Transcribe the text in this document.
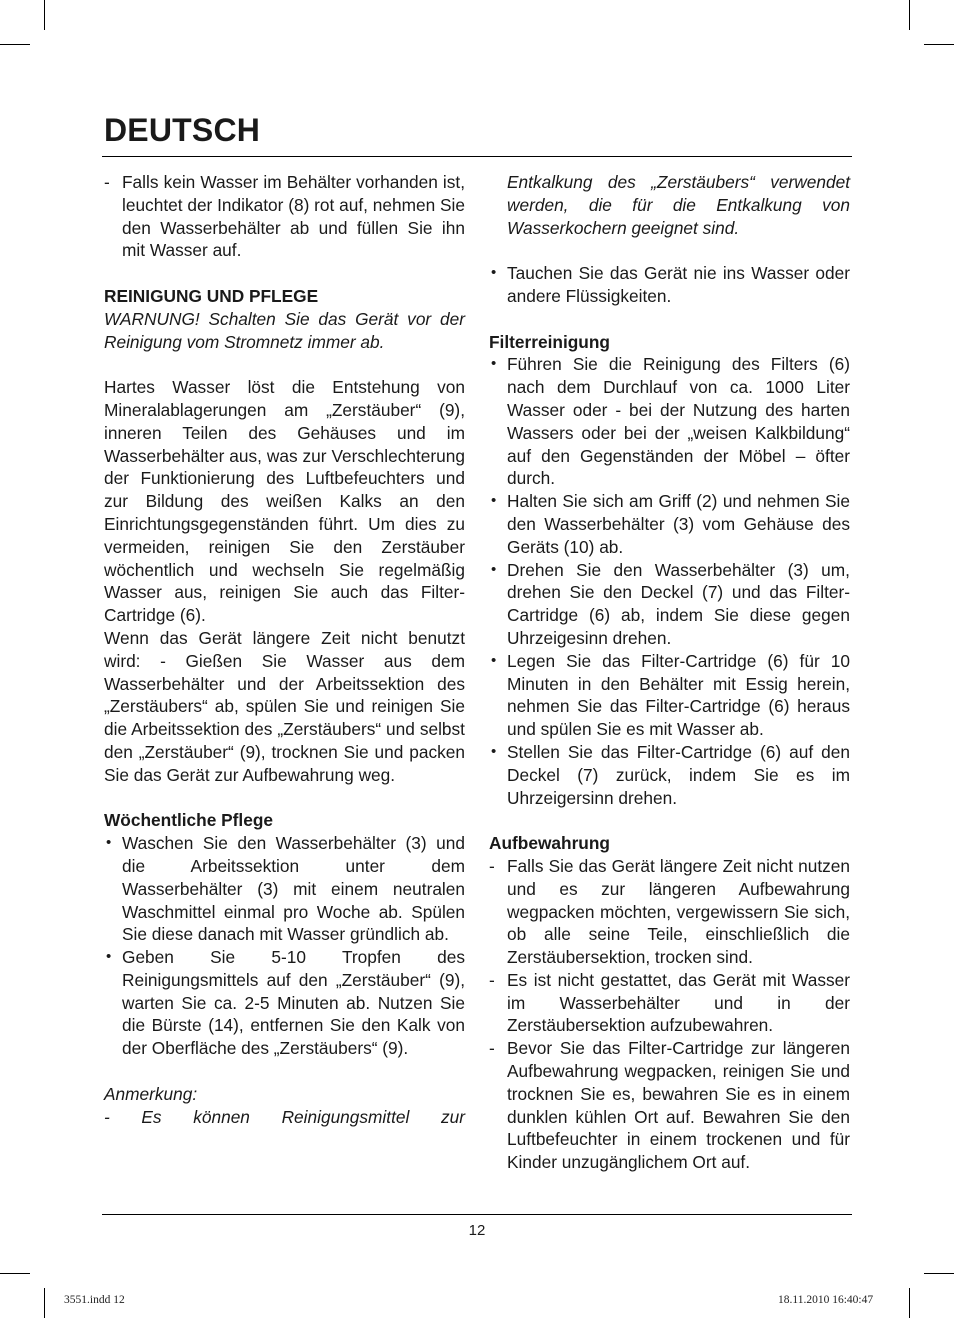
DEUTSCH
- Falls kein Wasser im Behälter vorhanden ist, leuchtet der Indikator (8) rot auf, nehmen Sie den Wasserbehälter ab und füllen Sie ihn mit Wasser auf.

REINIGUNG UND PFLEGE

WARNUNG! Schalten Sie das Gerät vor der Reinigung vom Stromnetz immer ab.

Hartes Wasser löst die Entstehung von Mineralablagerungen am „Zerstäuber“ (9), inneren Teilen des Gehäuses und im Wasserbehälter aus, was zur Verschlechterung der Funktionierung des Luftbefeuchters und zur Bildung des weißen Kalks an den Einrichtungsgegenständen führt. Um dies zu vermeiden, reinigen Sie den Zerstäuber wöchentlich und wechseln Sie regelmäßig Wasser aus, reinigen Sie auch das Filter-Cartridge (6).

Wenn das Gerät längere Zeit nicht benutzt wird: - Gießen Sie Wasser aus dem Wasserbehälter und der Arbeitssektion des „Zerstäubers“ ab, spülen Sie und reinigen Sie die Arbeitssektion des „Zerstäubers“ und selbst den „Zerstäuber“ (9), trocknen Sie und packen Sie das Gerät zur Aufbewahrung weg.

Wöchentliche Pflege

• Waschen Sie den Wasserbehälter (3) und die Arbeitssektion unter dem Wasserbehälter (3) mit einem neutralen Waschmittel einmal pro Woche ab. Spülen Sie diese danach mit Wasser gründlich ab.
• Geben Sie 5-10 Tropfen des Reinigungsmittels auf den „Zerstäuber“ (9), warten Sie ca. 2-5 Minuten ab. Nutzen Sie die Bürste (14), entfernen Sie den Kalk von der Oberfläche des „Zerstäubers“ (9).

Anmerkung:

- Es können Reinigungsmittel zur

Entkalkung des „Zerstäubers“ verwendet werden, die für die Entkalkung von Wasserkochern geeignet sind.

• Tauchen Sie das Gerät nie ins Wasser oder andere Flüssigkeiten.

Filterreinigung

• Führen Sie die Reinigung des Filters (6) nach dem Durchlauf von ca. 1000 Liter Wasser oder - bei der Nutzung des harten Wassers oder bei der „weisen Kalkbildung“ auf den Gegenständen der Möbel – öfter durch.
• Halten Sie sich am Griff (2) und nehmen Sie den Wasserbehälter (3) vom Gehäuse des Geräts (10) ab.
• Drehen Sie den Wasserbehälter (3) um, drehen Sie den Deckel (7) und das Filter-Cartridge (6) ab, indem Sie diese gegen Uhrzeigesinn drehen.
• Legen Sie das Filter-Cartridge (6) für 10 Minuten in den Behälter mit Essig herein, nehmen Sie das Filter-Cartridge (6) heraus und spülen Sie es mit Wasser ab.
• Stellen Sie das Filter-Cartridge (6) auf den Deckel (7) zurück, indem Sie es im Uhrzeigersinn drehen.

Aufbewahrung

- Falls Sie das Gerät längere Zeit nicht nutzen und es zur längeren Aufbewahrung wegpacken möchten, vergewissern Sie sich, ob alle seine Teile, einschließlich die Zerstäubersektion, trocken sind.
- Es ist nicht gestattet, das Gerät mit Wasser im Wasserbehälter und in der Zerstäubersektion aufzubewahren.
- Bevor Sie das Filter-Cartridge zur längeren Aufbewahrung wegpacken, reinigen Sie und trocknen Sie es, bewahren Sie es in einem dunklen kühlen Ort auf. Bewahren Sie den Luftbefeuchter in einem trockenen und für Kinder unzugänglichem Ort auf.
12
3551.indd 12	18.11.2010 16:40:47
